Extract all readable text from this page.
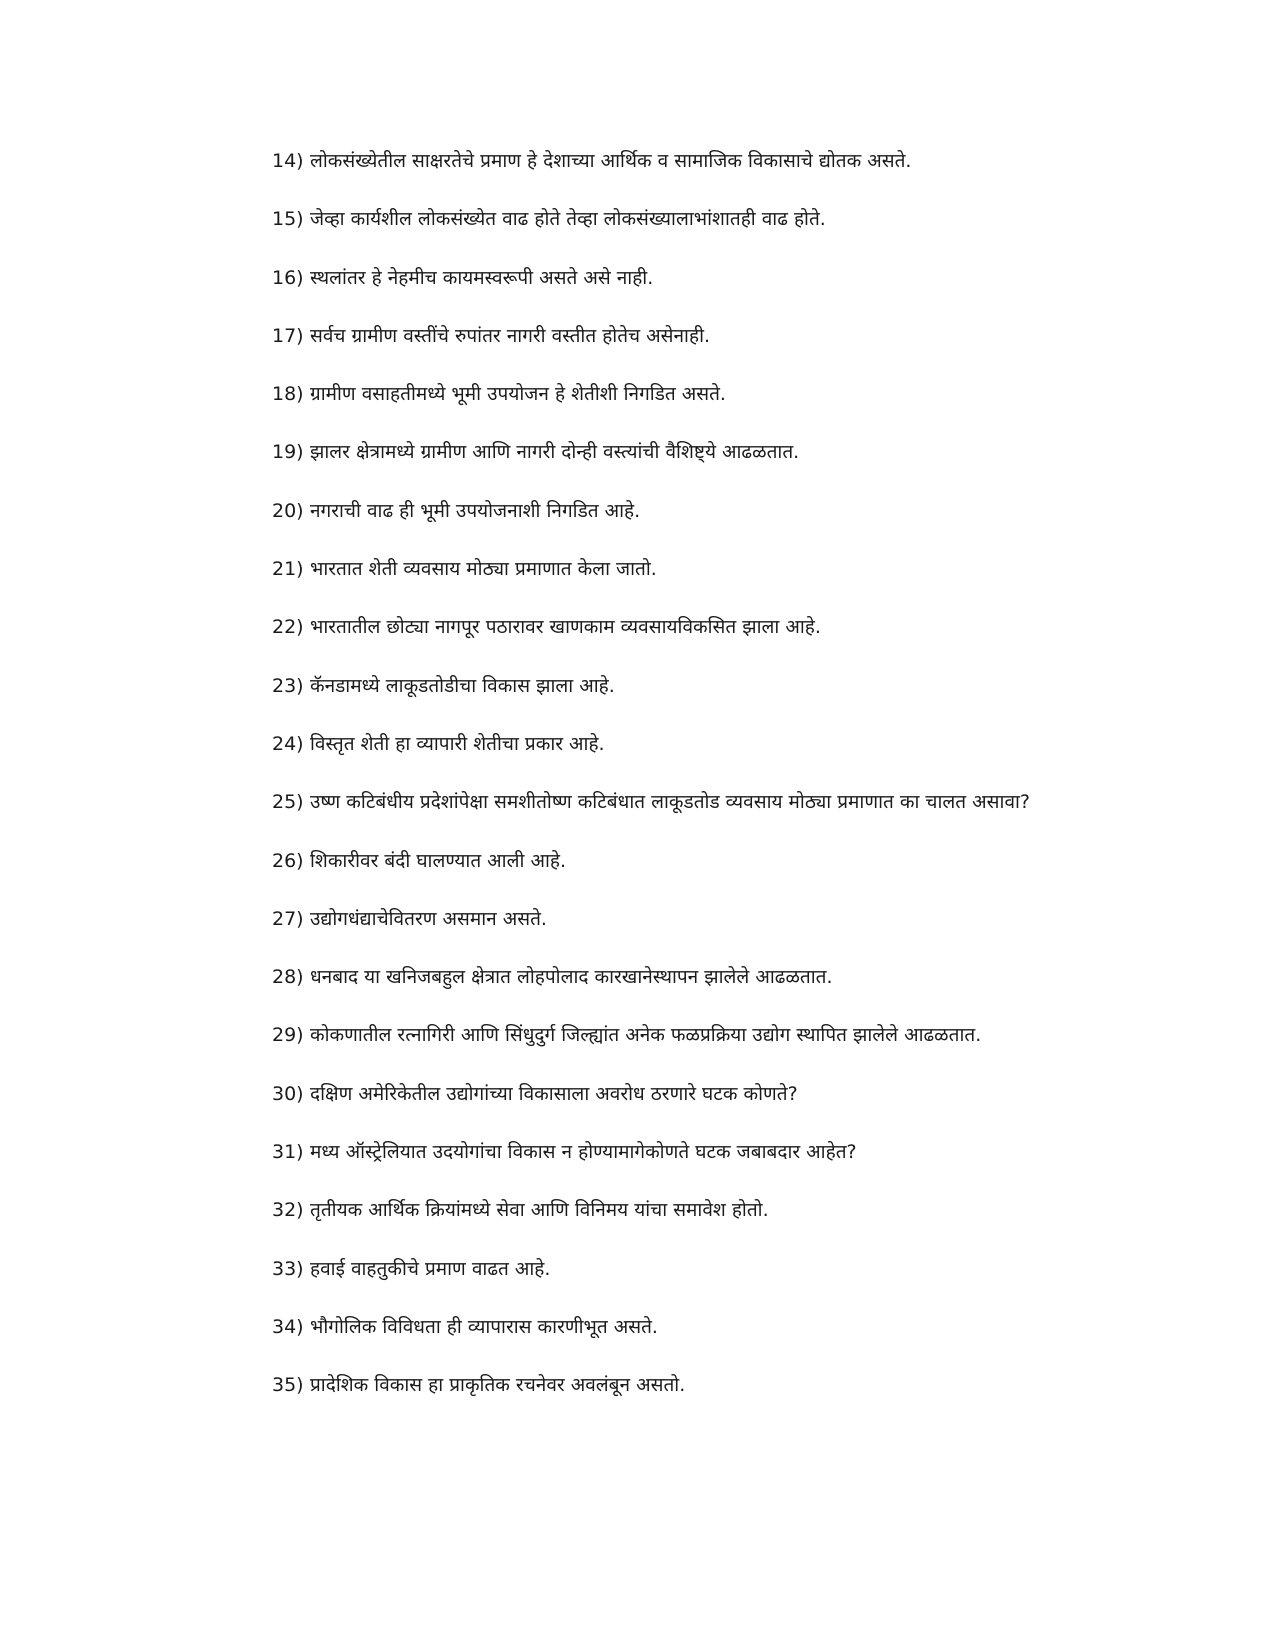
14) लोकसंख्येतील साक्षरतेचे प्रमाण हे देशाच्या आर्थिक व सामाजिक विकासाचे द्योतक असते.
15) जेव्हा कार्यशील लोकसंख्येत वाढ होते तेव्हा लोकसंख्यालाभांशातही वाढ होते.
16) स्थलांतर हे नेहमीच कायमस्वरूपी असते असे नाही.
17) सर्वच ग्रामीण वस्तींचे रुपांतर नागरी वस्तीत होतेच असेनाही.
18) ग्रामीण वसाहतीमध्ये भूमी उपयोजन हे शेतीशी निगडित असते.
19) झालर क्षेत्रामध्ये ग्रामीण आणि नागरी दोन्ही वस्त्यांची वैशिष्ट्ये आढळतात.
20) नगराची वाढ ही भूमी उपयोजनाशी निगडित आहे.
21) भारतात शेती व्यवसाय मोठ्या प्रमाणात केला जातो.
22) भारतातील छोट्या नागपूर पठारावर खाणकाम व्यवसायविकसित झाला आहे.
23) कॅनडामध्ये लाकूडतोडीचा विकास झाला आहे.
24) विस्तृत शेती हा व्यापारी शेतीचा प्रकार आहे.
25) उष्ण कटिबंधीय प्रदेशांपेक्षा समशीतोष्ण कटिबंधात लाकूडतोड व्यवसाय मोठ्या प्रमाणात का चालत असावा?
26) शिकारीवर बंदी घालण्यात आली आहे.
27) उद्योगधंद्याचेवितरण असमान असते.
28) धनबाद या खनिजबहुल क्षेत्रात लोहपोलाद कारखानेस्थापन झालेले आढळतात.
29) कोकणातील रत्नागिरी आणि सिंधुदुर्ग जिल्ह्यांत अनेक फळप्रक्रिया उद्योग स्थापित झालेले आढळतात.
30) दक्षिण अमेरिकेतील उद्योगांच्या विकासाला अवरोध ठरणारे घटक कोणते?
31) मध्य ऑस्ट्रेलियात उदयोगांचा विकास न होण्यामागेकोणते घटक जबाबदार आहेत?
32) तृतीयक आर्थिक क्रियांमध्ये सेवा आणि विनिमय यांचा समावेश होतो.
33) हवाई वाहतुकीचे प्रमाण वाढत आहे.
34) भौगोलिक विविधता ही व्यापारास कारणीभूत असते.
35) प्रादेशिक विकास हा प्राकृतिक रचनेवर अवलंबून असतो.
